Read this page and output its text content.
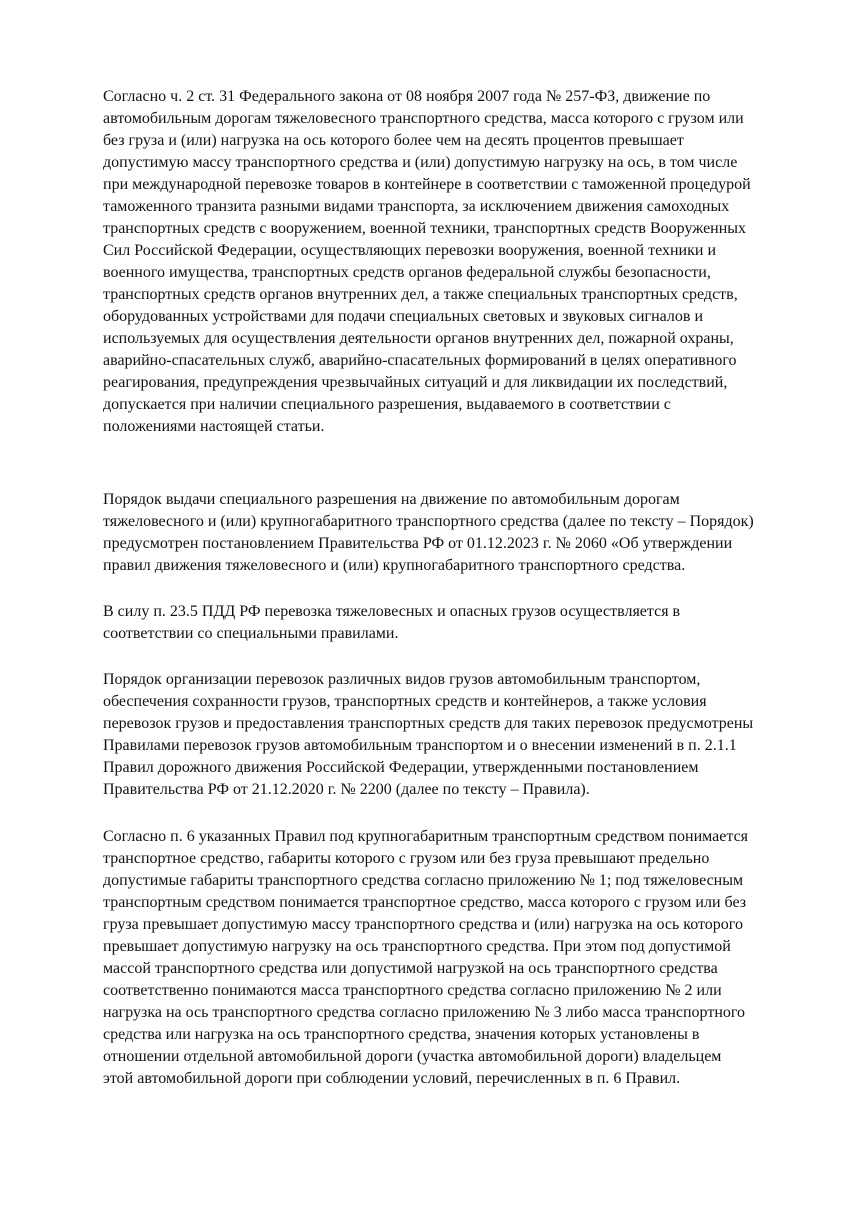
Согласно ч. 2 ст. 31 Федерального закона от 08 ноября 2007 года № 257-ФЗ, движение по
автомобильным дорогам тяжеловесного транспортного средства, масса которого с грузом или
без груза и (или) нагрузка на ось которого более чем на десять процентов превышает
допустимую массу транспортного средства и (или) допустимую нагрузку на ось, в том числе
при международной перевозке товаров в контейнере в соответствии с таможенной процедурой
таможенного транзита разными видами транспорта, за исключением движения самоходных
транспортных средств с вооружением, военной техники, транспортных средств Вооруженных
Сил Российской Федерации, осуществляющих перевозки вооружения, военной техники и
военного имущества, транспортных средств органов федеральной службы безопасности,
транспортных средств органов внутренних дел, а также специальных транспортных средств,
оборудованных устройствами для подачи специальных световых и звуковых сигналов и
используемых для осуществления деятельности органов внутренних дел, пожарной охраны,
аварийно-спасательных служб, аварийно-спасательных формирований в целях оперативного
реагирования, предупреждения чрезвычайных ситуаций и для ликвидации их последствий,
допускается при наличии специального разрешения, выдаваемого в соответствии с
положениями настоящей статьи.

Порядок выдачи специального разрешения на движение по автомобильным дорогам
тяжеловесного и (или) крупногабаритного транспортного средства (далее по тексту – Порядок)
предусмотрен постановлением Правительства РФ от 01.12.2023 г. № 2060 «Об утверждении
правил движения тяжеловесного и (или) крупногабаритного транспортного средства.

В силу п. 23.5 ПДД РФ перевозка тяжеловесных и опасных грузов осуществляется в
соответствии со специальными правилами.

Порядок организации перевозок различных видов грузов автомобильным транспортом,
обеспечения сохранности грузов, транспортных средств и контейнеров, а также условия
перевозок грузов и предоставления транспортных средств для таких перевозок предусмотрены
Правилами перевозок грузов автомобильным транспортом и о внесении изменений в п. 2.1.1
Правил дорожного движения Российской Федерации, утвержденными постановлением
Правительства РФ от 21.12.2020 г. № 2200 (далее по тексту – Правила).

Согласно п. 6 указанных Правил под крупногабаритным транспортным средством понимается
транспортное средство, габариты которого с грузом или без груза превышают предельно
допустимые габариты транспортного средства согласно приложению № 1; под тяжеловесным
транспортным средством понимается транспортное средство, масса которого с грузом или без
груза превышает допустимую массу транспортного средства и (или) нагрузка на ось которого
превышает допустимую нагрузку на ось транспортного средства. При этом под допустимой
массой транспортного средства или допустимой нагрузкой на ось транспортного средства
соответственно понимаются масса транспортного средства согласно приложению № 2 или
нагрузка на ось транспортного средства согласно приложению № 3 либо масса транспортного
средства или нагрузка на ось транспортного средства, значения которых установлены в
отношении отдельной автомобильной дороги (участка автомобильной дороги) владельцем
этой автомобильной дороги при соблюдении условий, перечисленных в п. 6 Правил.
